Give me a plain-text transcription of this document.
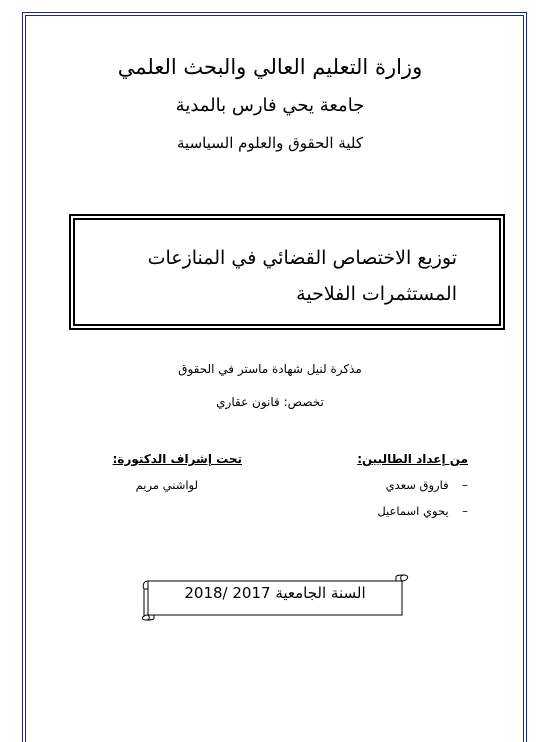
وزارة التعليم العالي والبحث العلمي
جامعة يحي فارس بالمدية
كلية الحقوق والعلوم السياسية
توزيع الاختصاص القضائي في المنازعات
المستثمرات الفلاحية
مذكرة لنيل شهادة ماستر في الحقوق
تخصص: قانون عقاري
من إعداد الطالبين:
– فاروق سعدي
– يحوي اسماعيل
تحت إشراف الدكتورة:
لواشني مريم
السنة الجامعية 2017 /2018
